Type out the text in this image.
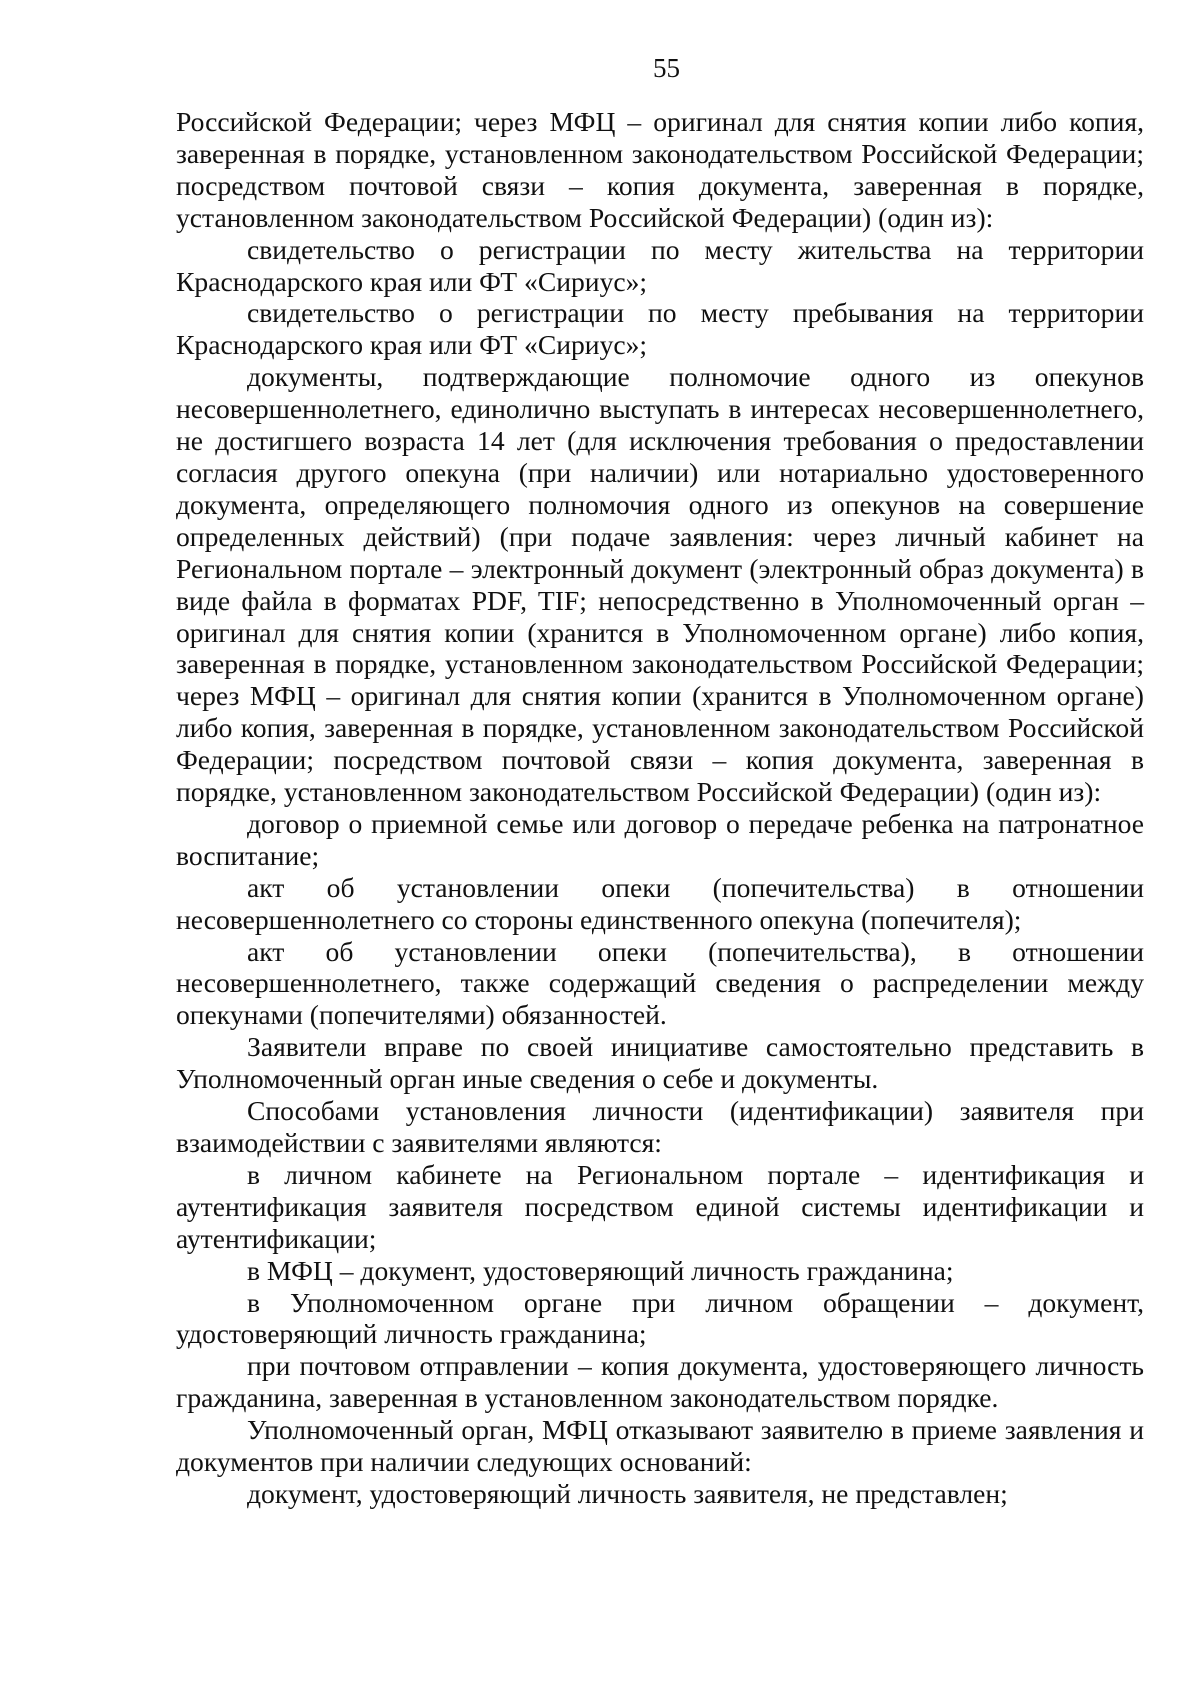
55

Российской Федерации; через МФЦ – оригинал для снятия копии либо копия, заверенная в порядке, установленном законодательством Российской Федерации; посредством почтовой связи – копия документа, заверенная в порядке, установленном законодательством Российской Федерации) (один из):

свидетельство о регистрации по месту жительства на территории Краснодарского края или ФТ «Сириус»;

свидетельство о регистрации по месту пребывания на территории Краснодарского края или ФТ «Сириус»;

документы, подтверждающие полномочие одного из опекунов несовершеннолетнего, единолично выступать в интересах несовершеннолетнего, не достигшего возраста 14 лет (для исключения требования о предоставлении согласия другого опекуна (при наличии) или нотариально удостоверенного документа, определяющего полномочия одного из опекунов на совершение определенных действий) (при подаче заявления: через личный кабинет на Региональном портале – электронный документ (электронный образ документа) в виде файла в форматах PDF, TIF; непосредственно в Уполномоченный орган – оригинал для снятия копии (хранится в Уполномоченном органе) либо копия, заверенная в порядке, установленном законодательством Российской Федерации; через МФЦ – оригинал для снятия копии (хранится в Уполномоченном органе) либо копия, заверенная в порядке, установленном законодательством Российской Федерации; посредством почтовой связи – копия документа, заверенная в порядке, установленном законодательством Российской Федерации) (один из):

договор о приемной семье или договор о передаче ребенка на патронатное воспитание;

акт об установлении опеки (попечительства) в отношении несовершеннолетнего со стороны единственного опекуна (попечителя);

акт об установлении опеки (попечительства), в отношении несовершеннолетнего, также содержащий сведения о распределении между опекунами (попечителями) обязанностей.

Заявители вправе по своей инициативе самостоятельно представить в Уполномоченный орган иные сведения о себе и документы.

Способами установления личности (идентификации) заявителя при взаимодействии с заявителями являются:

в личном кабинете на Региональном портале – идентификация и аутентификация заявителя посредством единой системы идентификации и аутентификации;

в МФЦ – документ, удостоверяющий личность гражданина;

в Уполномоченном органе при личном обращении – документ, удостоверяющий личность гражданина;

при почтовом отправлении – копия документа, удостоверяющего личность гражданина, заверенная в установленном законодательством порядке.

Уполномоченный орган, МФЦ отказывают заявителю в приеме заявления и документов при наличии следующих оснований:

документ, удостоверяющий личность заявителя, не представлен;
